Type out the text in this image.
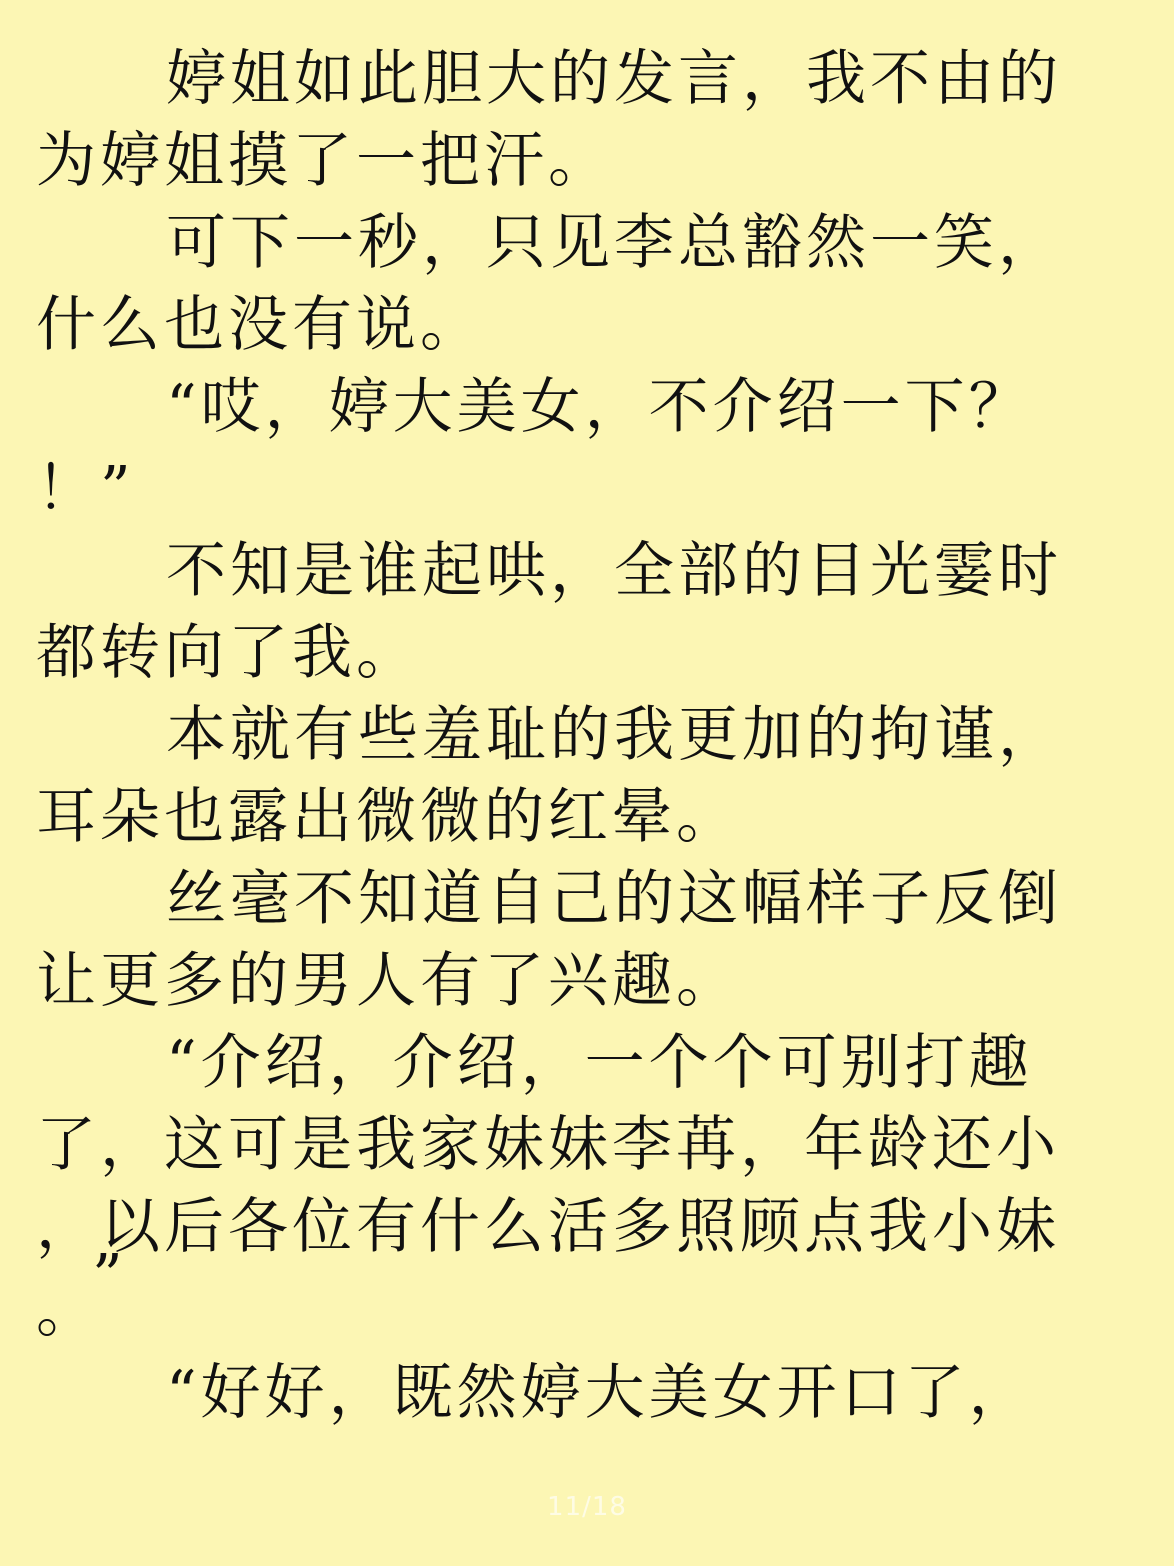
婷姐如此胆大的发言，我不由的
为婷姐摸了一把汗。
可下一秒，只见李总豁然一笑，
什么也没有说。
“哎，婷大美女，不介绍一下？
！”
不知是谁起哄，全部的目光霎时
都转向了我。
本就有些羞耻的我更加的拘谨，
耳朵也露出微微的红晕。
丝毫不知道自己的这幅样子反倒
让更多的男人有了兴趣。
“介绍，介绍，一个个可别打趣
了，这可是我家妹妹李苒，年龄还小
，以后各位有什么活多照顾点我小妹
”
。
“好好，既然婷大美女开口了，
11/18
